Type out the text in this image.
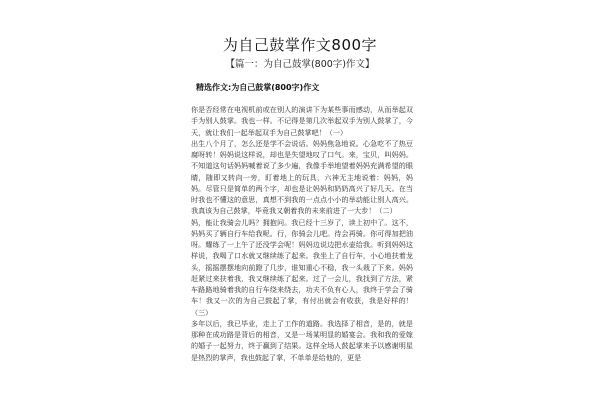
为自己鼓掌作文800字
【篇一：为自己鼓掌(800字)作文】
精选作文:为自己鼓掌(800字)作文

你是否经常在电视机前或在别人的演讲下为某些事而感动，从而举起双手为别人鼓掌。我也一样。不记得是第几次举起双手为别人鼓掌了，今天，就让我们一起举起双手为自己鼓掌吧！（一）

出生八个月了，怎么还是学不会说话。妈妈焦急地说。心急吃不了热豆腐呀转！妈妈说这样说，却也是失望地叹了口气。来，宝贝，叫妈妈。不知道这句话妈妈喊着说了多少遍，我像手举地望着妈妈充满希望的眼睛，随即又转向一旁，盯着地上的玩具，六神无主地说着：妈妈，妈妈。尽管只是简单的两个字，却也是让妈妈和奶奶高兴了好几天。在当时我也不懂这的意思，真想不到我的一点点小小的举动能让别人高兴。我真该为自己鼓掌，毕竟我又朝着我的未来前进了一大步！（二）

妈，能让我骑会儿吗？拥抱问。我已经十三岁了，读上初中了。这不，妈妈买了辆自行车给我呢。行，你骑会儿吧。待会再骑。你可得加把油呀。耀练了一上午了还没学会呢！妈妈边说边把水壶给我。听到妈妈这样说，我喝了口水就又继续练了起来。我坐上了自行车，小心地扶着龙头，摇摇摆摆地向前蹬了几步，谁知重心不稳，我一头栽了下来。妈妈赶紧过来扶着我，我又继续练了起来。过了一会儿，我找到了方法，紧车路路地骑着我的自行车绕来绕去，功夫不负有心人，我终于学会了骑车！我又一次的为自己鼓起了掌，有付出就会有收获，我是好样的！（三）

多年以后，我已毕业，走上了工作的道路。我选择了相音，是的，就是那种在成功路是背后的相音，又是一场某明显的婚宴会。我和我的爱嫁的婚子一起努力，终于赢到了结果。这样全场人鼓起掌来予以感谢明星是热烈的掌声，我也鼓起了掌，不单单是给他的，更是
